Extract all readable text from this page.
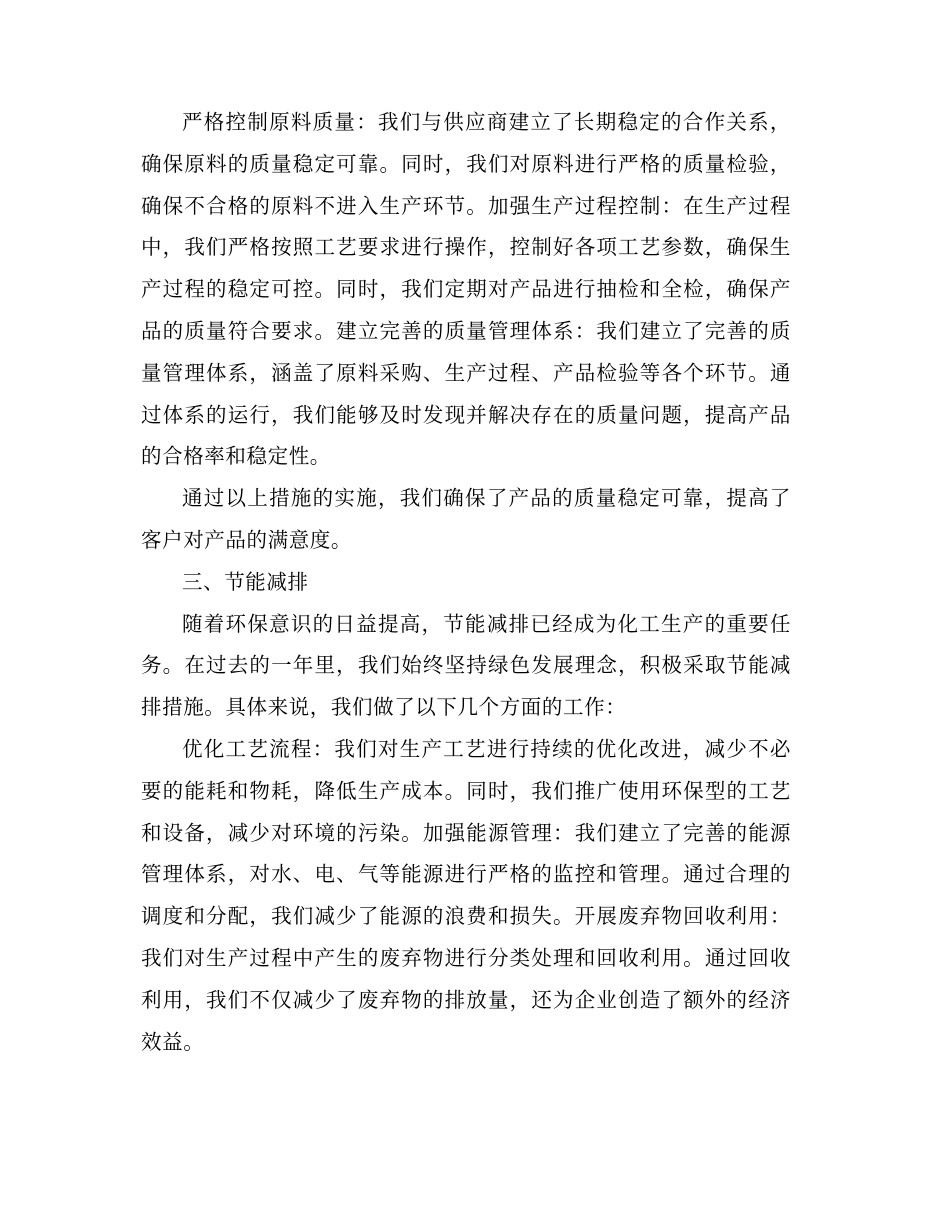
严格控制原料质量：我们与供应商建立了长期稳定的合作关系，确保原料的质量稳定可靠。同时，我们对原料进行严格的质量检验，确保不合格的原料不进入生产环节。加强生产过程控制：在生产过程中，我们严格按照工艺要求进行操作，控制好各项工艺参数，确保生产过程的稳定可控。同时，我们定期对产品进行抽检和全检，确保产品的质量符合要求。建立完善的质量管理体系：我们建立了完善的质量管理体系，涵盖了原料采购、生产过程、产品检验等各个环节。通过体系的运行，我们能够及时发现并解决存在的质量问题，提高产品的合格率和稳定性。

通过以上措施的实施，我们确保了产品的质量稳定可靠，提高了客户对产品的满意度。

三、节能减排

随着环保意识的日益提高，节能减排已经成为化工生产的重要任务。在过去的一年里，我们始终坚持绿色发展理念，积极采取节能减排措施。具体来说，我们做了以下几个方面的工作：

优化工艺流程：我们对生产工艺进行持续的优化改进，减少不必要的能耗和物耗，降低生产成本。同时，我们推广使用环保型的工艺和设备，减少对环境的污染。加强能源管理：我们建立了完善的能源管理体系，对水、电、气等能源进行严格的监控和管理。通过合理的调度和分配，我们减少了能源的浪费和损失。开展废弃物回收利用：我们对生产过程中产生的废弃物进行分类处理和回收利用。通过回收利用，我们不仅减少了废弃物的排放量，还为企业创造了额外的经济效益。
